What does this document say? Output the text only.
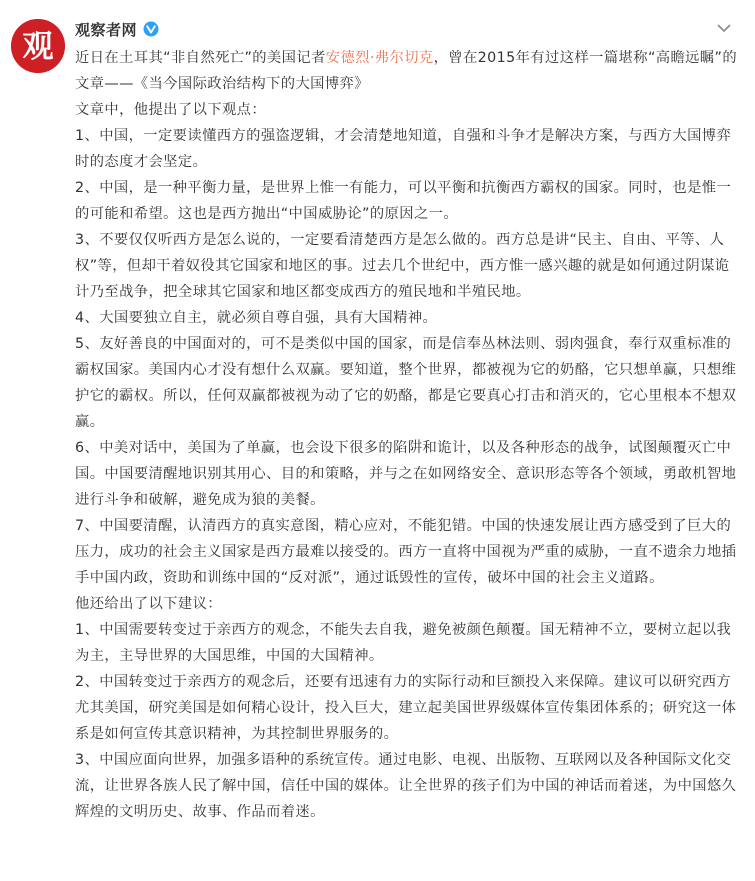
观 观察者网

近日在土耳其“非自然死亡”的美国记者安德烈·弗尔切克，曾在2015年有过这样一篇堪称“高瞻远瞩”的文章——《当今国际政治结构下的大国博弈》

文章中，他提出了以下观点：

1、中国，一定要读懂西方的强盗逻辑，才会清楚地知道，自强和斗争才是解决方案，与西方大国博弈时的态度才会坚定。

2、中国，是一种平衡力量，是世界上惟一有能力，可以平衡和抗衡西方霸权的国家。同时，也是惟一的可能和希望。这也是西方抛出“中国威胁论”的原因之一。

3、不要仅仅听西方是怎么说的，一定要看清楚西方是怎么做的。西方总是讲“民主、自由、平等、人权”等，但却干着奴役其它国家和地区的事。过去几个世纪中，西方惟一感兴趣的就是如何通过阴谋诡计乃至战争，把全球其它国家和地区都变成西方的殖民地和半殖民地。

4、大国要独立自主，就必须自尊自强，具有大国精神。

5、友好善良的中国面对的，可不是类似中国的国家，而是信奉丛林法则、弱肉强食，奉行双重标准的霸权国家。美国内心才没有想什么双赢。要知道，整个世界，都被视为它的奶酪，它只想单赢，只想维护它的霸权。所以，任何双赢都被视为动了它的奶酪，都是它要真心打击和消灭的，它心里根本不想双赢。

6、中美对话中，美国为了单赢，也会设下很多的陷阱和诡计，以及各种形态的战争，试图颠覆灭亡中国。中国要清醒地识别其用心、目的和策略，并与之在如网络安全、意识形态等各个领域，勇敢机智地进行斗争和破解，避免成为狼的美餐。

7、中国要清醒，认清西方的真实意图，精心应对，不能犯错。中国的快速发展让西方感受到了巨大的压力，成功的社会主义国家是西方最难以接受的。西方一直将中国视为严重的威胁，一直不遗余力地插手中国内政，资助和训练中国的“反对派”，通过诋毁性的宣传，破坏中国的社会主义道路。

他还给出了以下建议：

1、中国需要转变过于亲西方的观念，不能失去自我，避免被颜色颠覆。国无精神不立，要树立起以我为主，主导世界的大国思维，中国的大国精神。

2、中国转变过于亲西方的观念后，还要有迅速有力的实际行动和巨额投入来保障。建议可以研究西方尤其美国，研究美国是如何精心设计，投入巨大，建立起美国世界级媒体宣传集团体系的；研究这一体系是如何宣传其意识精神，为其控制世界服务的。

3、中国应面向世界，加强多语种的系统宣传。通过电影、电视、出版物、互联网以及各种国际文化交流，让世界各族人民了解中国，信任中国的媒体。让全世界的孩子们为中国的神话而着迷，为中国悠久辉煌的文明历史、故事、作品而着迷。
